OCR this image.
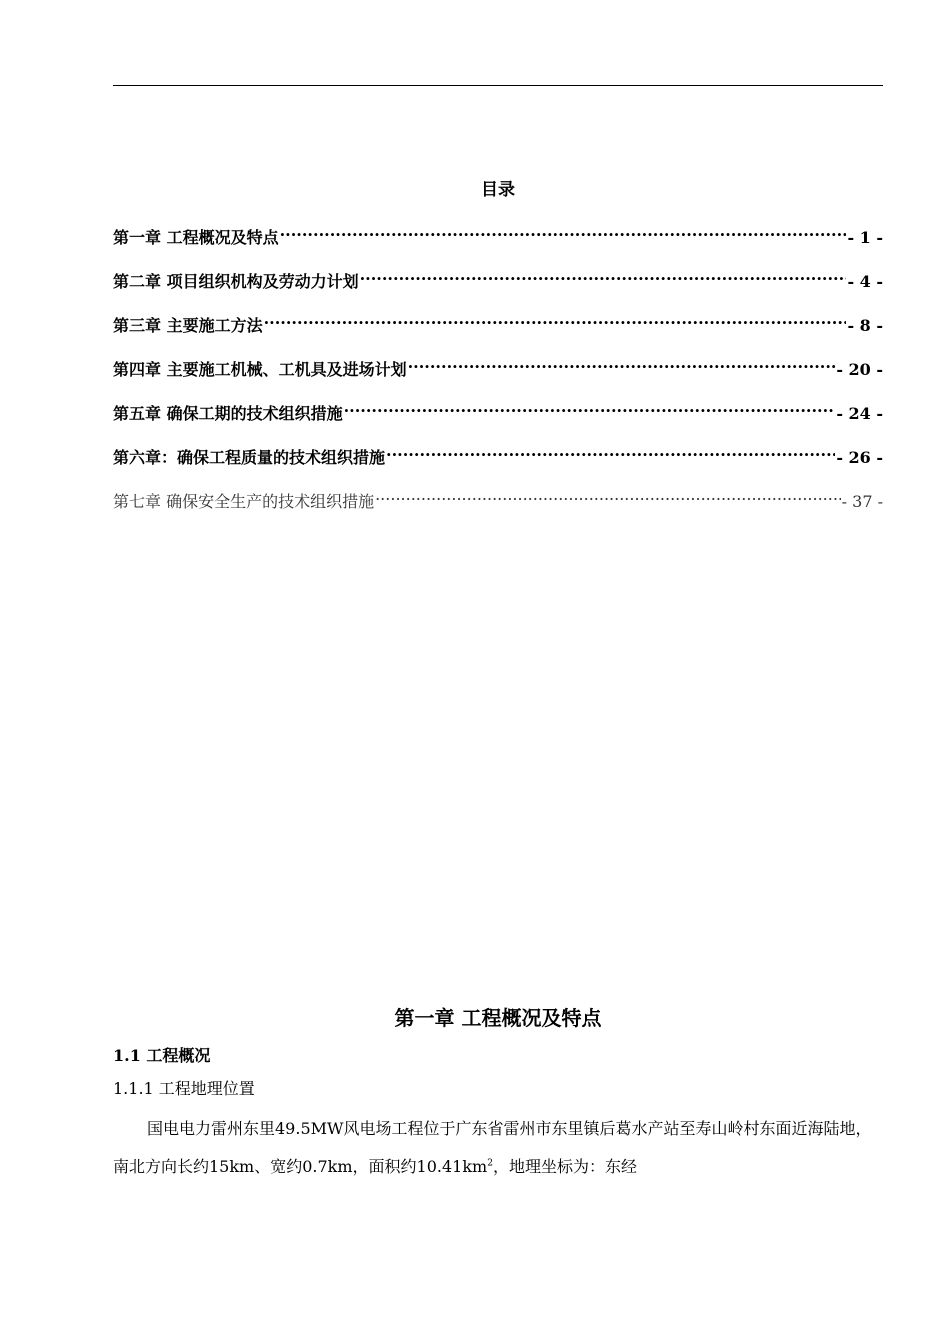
目录
第一章 工程概况及特点 .....	- 1 -
第二章 项目组织机构及劳动力计划 .....	- 4 -
第三章 主要施工方法 .....	- 8 -
第四章 主要施工机械、工机具及进场计划 .....	- 20 -
第五章 确保工期的技术组织措施 .....	- 24 -
第六章：确保工程质量的技术组织措施 .....	- 26 -
第七章 确保安全生产的技术组织措施 .....	- 37 -
第一章 工程概况及特点
1.1 工程概况
1.1.1 工程地理位置

国电电力雷州东里49.5MW风电场工程位于广东省雷州市东里镇后葛水产站至寿山岭村东面近海陆地，南北方向长约15km、宽约0.7km，面积约$10.41km^2$，地理坐标为：东经
